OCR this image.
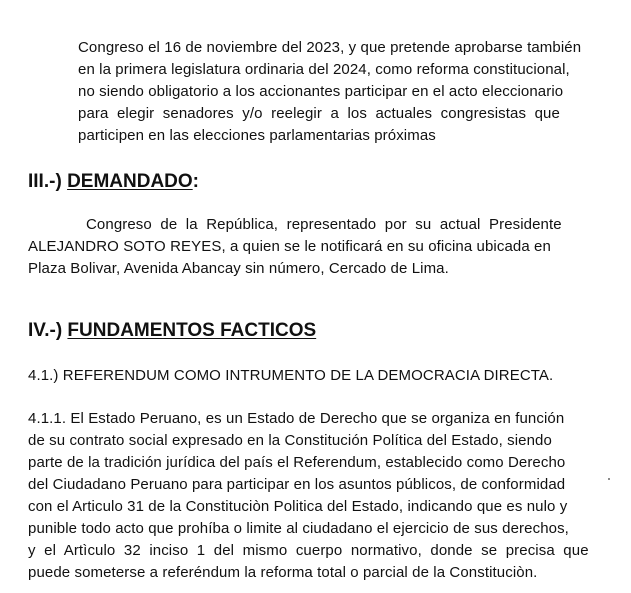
Congreso el 16 de noviembre del 2023, y que pretende aprobarse también
en la primera legislatura ordinaria del 2024, como reforma constitucional,
no siendo obligatorio a los accionantes participar en el acto eleccionario
para  elegir  senadores  y/o  reelegir  a  los  actuales  congresistas  que
participen en las elecciones parlamentarias próximas
III.-) DEMANDADO:
Congreso  de  la  República,  representado  por  su  actual  Presidente
ALEJANDRO SOTO REYES, a quien se le notificará en su oficina ubicada en
Plaza Bolivar, Avenida Abancay sin número, Cercado de Lima.
IV.-) FUNDAMENTOS FACTICOS
4.1.) REFERENDUM COMO INTRUMENTO DE LA DEMOCRACIA DIRECTA.
4.1.1. El Estado Peruano, es un Estado de Derecho que se organiza en función
de su contrato social expresado en la Constitución Política del Estado, siendo
parte de la tradición jurídica del país el Referendum, establecido como Derecho
del Ciudadano Peruano para participar en los asuntos públicos, de conformidad
con el Articulo 31 de la Constituciòn Politica del Estado, indicando que es nulo y
punible todo acto que prohíba o limite al ciudadano el ejercicio de sus derechos,
y  el  Artìculo  32  inciso  1  del  mismo  cuerpo  normativo,  donde  se  precisa  que
puede someterse a referéndum la reforma total o parcial de la Constituciòn.
